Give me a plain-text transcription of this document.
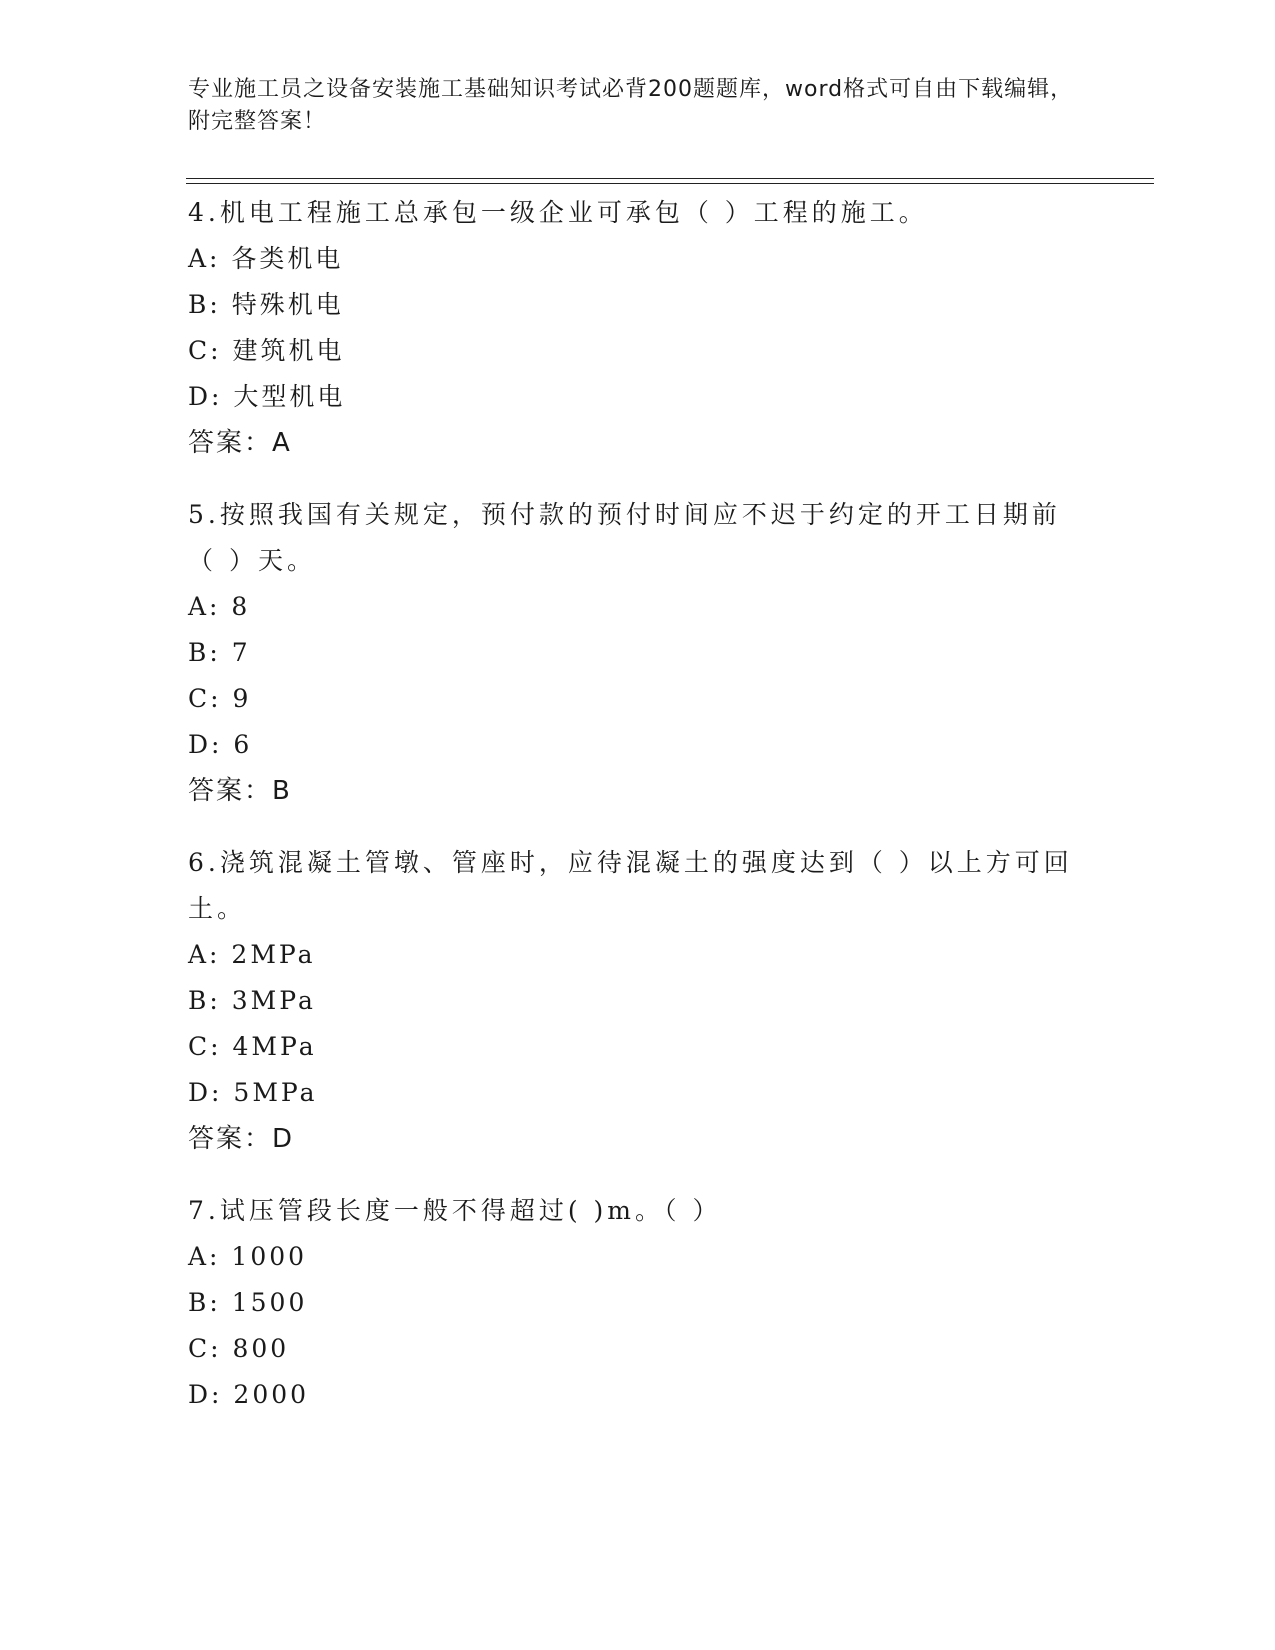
专业施工员之设备安装施工基础知识考试必背200题题库，word格式可自由下载编辑，附完整答案！

4.机电工程施工总承包一级企业可承包（ ）工程的施工。

A: 各类机电

B: 特殊机电

C: 建筑机电

D: 大型机电

答案：A

5.按照我国有关规定，预付款的预付时间应不迟于约定的开工日期前（ ）天。

A: 8

B: 7

C: 9

D: 6

答案：B

6.浇筑混凝土管墩、管座时，应待混凝土的强度达到（ ）以上方可回土。

A: 2MPa

B: 3MPa

C: 4MPa

D: 5MPa

答案：D

7.试压管段长度一般不得超过( )m。（ ）

A: 1000

B: 1500

C: 800

D: 2000
